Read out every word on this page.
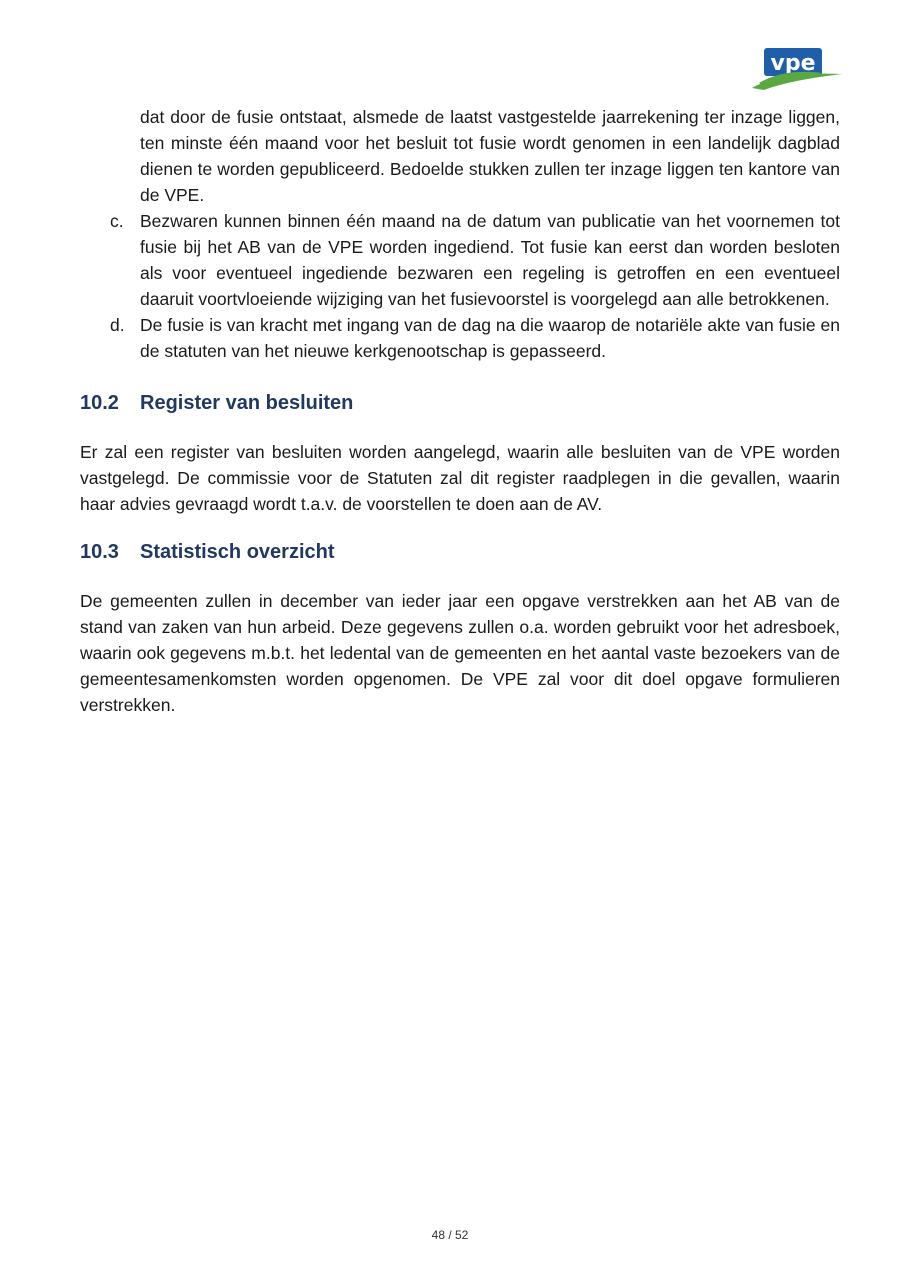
vpe
dat door de fusie ontstaat, alsmede de laatst vastgestelde jaarrekening ter inzage liggen, ten minste één maand voor het besluit tot fusie wordt genomen in een landelijk dagblad dienen te worden gepubliceerd. Bedoelde stukken zullen ter inzage liggen ten kantore van de VPE.
c. Bezwaren kunnen binnen één maand na de datum van publicatie van het voornemen tot fusie bij het AB van de VPE worden ingediend. Tot fusie kan eerst dan worden besloten als voor eventueel ingediende bezwaren een regeling is getroffen en een eventueel daaruit voortvloeiende wijziging van het fusievoorstel is voorgelegd aan alle betrokkenen.
d. De fusie is van kracht met ingang van de dag na die waarop de notariële akte van fusie en de statuten van het nieuwe kerkgenootschap is gepasseerd.
10.2 Register van besluiten

Er zal een register van besluiten worden aangelegd, waarin alle besluiten van de VPE worden vastgelegd. De commissie voor de Statuten zal dit register raadplegen in die gevallen, waarin haar advies gevraagd wordt t.a.v. de voorstellen te doen aan de AV.

10.3 Statistisch overzicht

De gemeenten zullen in december van ieder jaar een opgave verstrekken aan het AB van de stand van zaken van hun arbeid. Deze gegevens zullen o.a. worden gebruikt voor het adresboek, waarin ook gegevens m.b.t. het ledental van de gemeenten en het aantal vaste bezoekers van de gemeentesamenkomsten worden opgenomen. De VPE zal voor dit doel opgave formulieren verstrekken.

48 / 52
